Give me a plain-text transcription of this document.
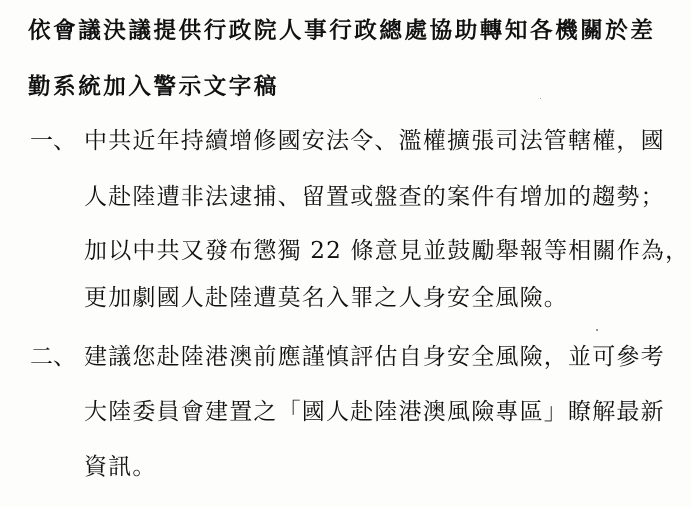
依會議決議提供行政院人事行政總處協助轉知各機關於差
勤系統加入警示文字稿
一、 中共近年持續增修國安法令、濫權擴張司法管轄權，國
人赴陸遭非法逮捕、留置或盤查的案件有增加的趨勢；
加以中共又發布懲獨 22 條意見並鼓勵舉報等相關作為，
更加劇國人赴陸遭莫名入罪之人身安全風險。
二、 建議您赴陸港澳前應謹慎評估自身安全風險，並可參考
大陸委員會建置之「國人赴陸港澳風險專區」瞭解最新
資訊。
